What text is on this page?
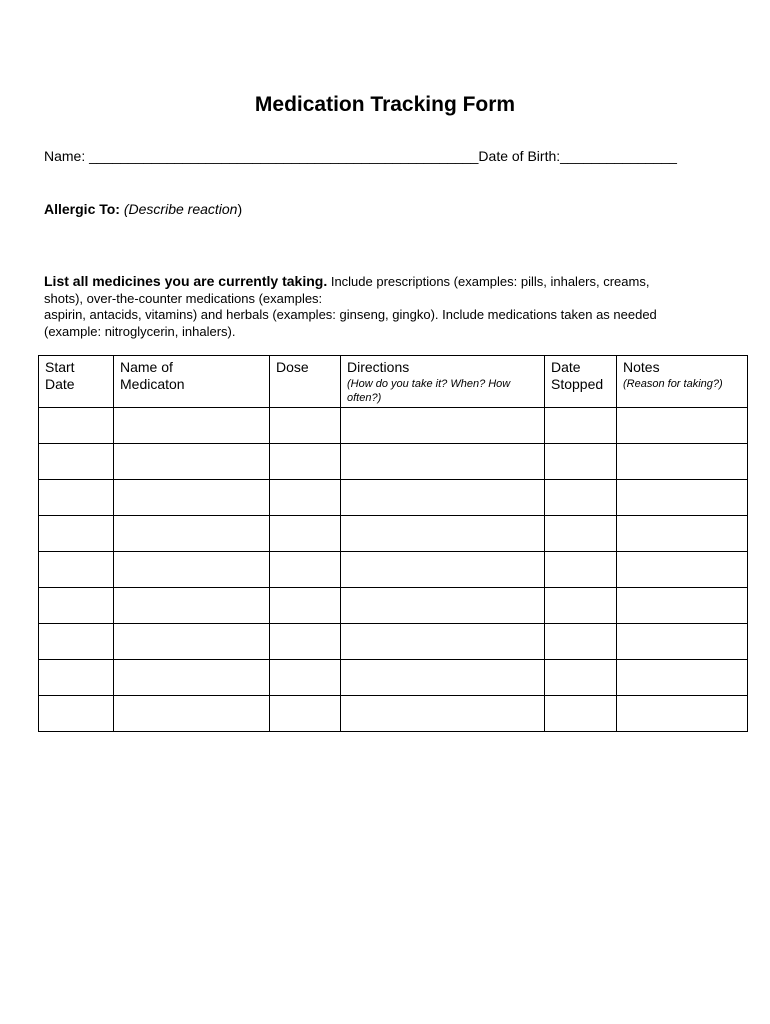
Medication Tracking Form
Name: __________________________________________________Date of Birth:_______________
Allergic To: (Describe reaction)
List all medicines you are currently taking. Include prescriptions (examples: pills, inhalers, creams,
shots), over-the-counter medications (examples:
aspirin, antacids, vitamins) and herbals (examples: ginseng, gingko). Include medications taken as needed
(example: nitroglycerin, inhalers).
Start
Date	Name of
Medicaton	Dose	Directions
(How do you take it? When? How often?)	Date
Stopped	Notes
(Reason for taking?)
